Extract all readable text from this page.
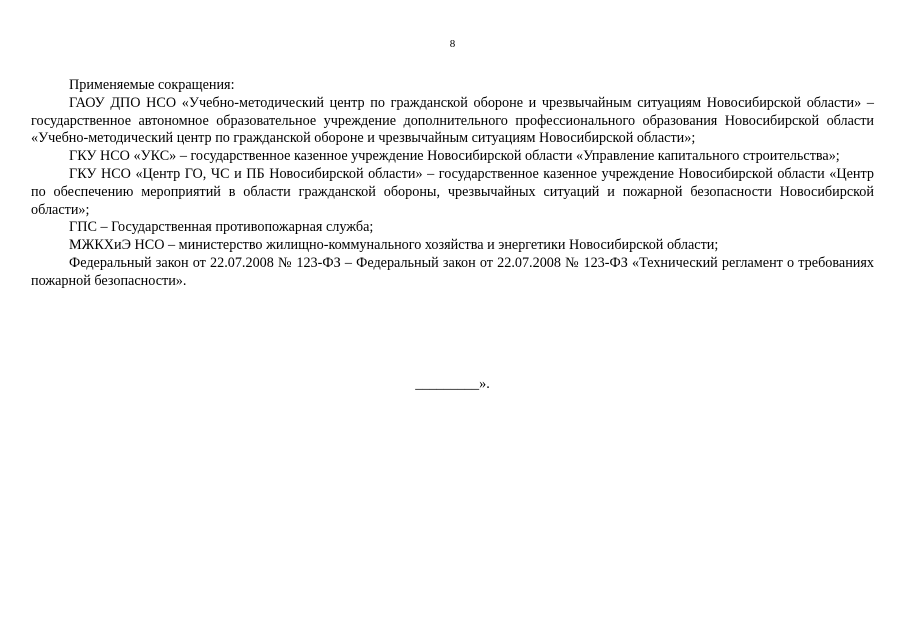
8

Применяемые сокращения:

ГАОУ ДПО НСО «Учебно-методический центр по гражданской обороне и чрезвычайным ситуациям Новосибирской области» – государственное автономное образовательное учреждение дополнительного профессионального образования Новосибирской области «Учебно-методический центр по гражданской обороне и чрезвычайным ситуациям Новосибирской области»;

ГКУ НСО «УКС» – государственное казенное учреждение Новосибирской области «Управление капитального строительства»;

ГКУ НСО «Центр ГО, ЧС и ПБ Новосибирской области» – государственное казенное учреждение Новосибирской области «Центр по обеспечению мероприятий в области гражданской обороны, чрезвычайных ситуаций и пожарной безопасности Новосибирской области»;

ГПС – Государственная противопожарная служба;

МЖКХиЭ НСО – министерство жилищно-коммунального хозяйства и энергетики Новосибирской области;

Федеральный закон от 22.07.2008 № 123-ФЗ – Федеральный закон от 22.07.2008 № 123-ФЗ «Технический регламент о требованиях пожарной безопасности».

_________».
